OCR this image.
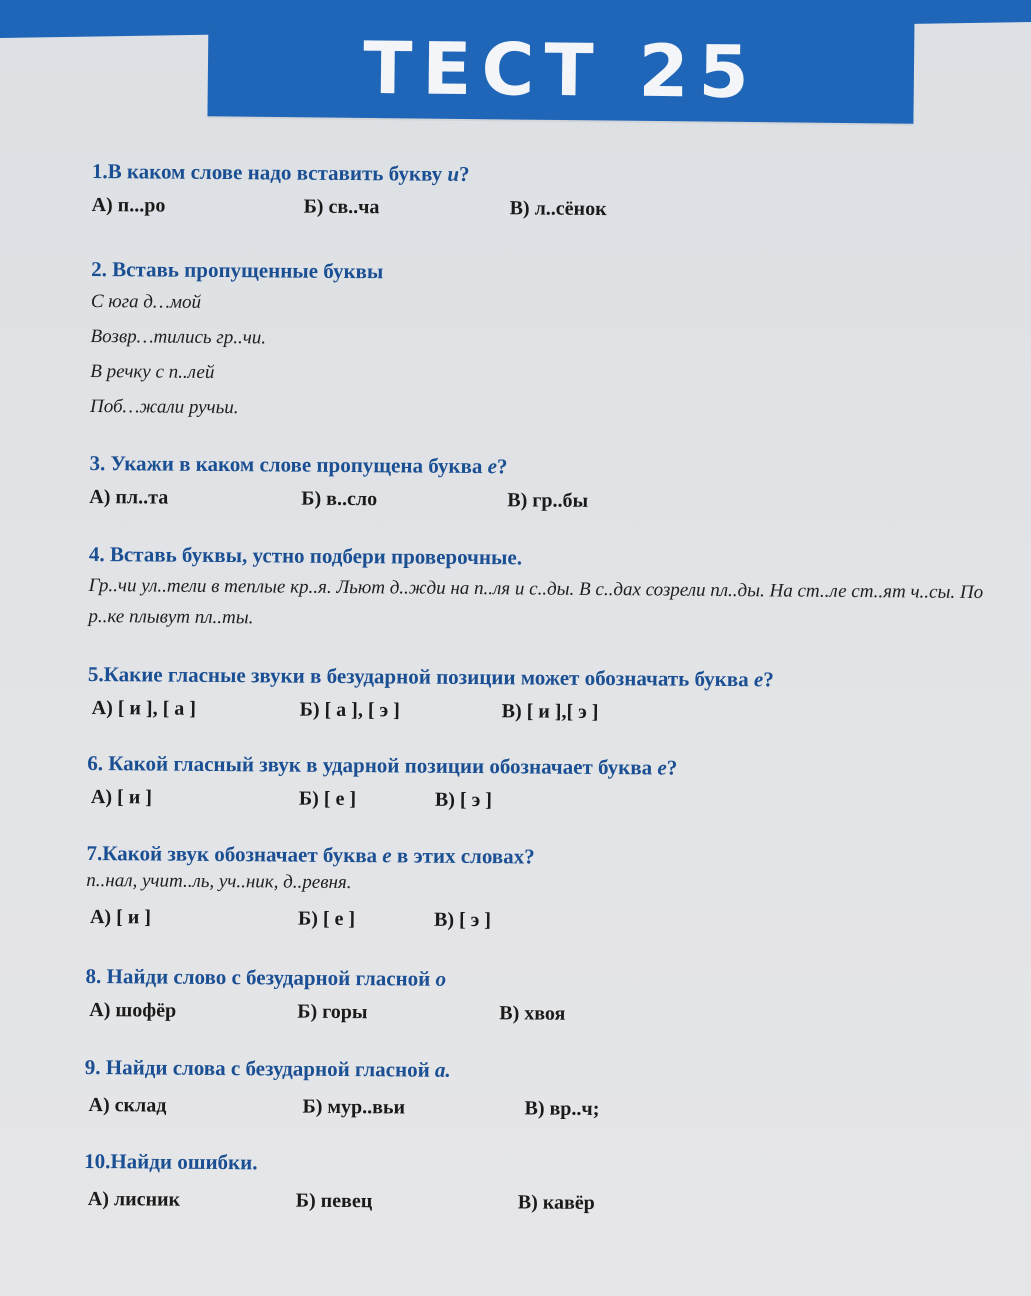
ТЕСТ 25
1.В каком слове надо вставить букву и?
А) п...ро	Б) св..ча	В) л..сёнок
2. Вставь пропущенные буквы
С юга д…мой
Возвр…тились гр..чи.
В речку с п..лей
Поб…жали ручьи.
3. Укажи в каком слове пропущена буква е?
А) пл..та	Б) в..сло	В) гр..бы
4. Вставь буквы, устно подбери проверочные.
Гр..чи ул..тели в теплые кр..я. Льют д..жди на п..ля и с..ды. В с..дах созрели пл..ды. На ст..ле ст..ят ч..сы. По р..ке плывут пл..ты.
5.Какие гласные звуки в безударной позиции может обозначать буква е?
А) [ и ], [ а ]	Б) [ а ], [ э ]	В) [ и ],[ э ]
6. Какой гласный звук в ударной позиции обозначает буква е?
А) [ и ]	Б) [ е ]	В) [ э ]
7.Какой звук обозначает буква е в этих словах?
п..нал, учит..ль, уч..ник, д..ревня.
А) [ и ]	Б) [ е ]	В) [ э ]
8. Найди слово с безударной гласной о
А) шофёр	Б) горы	В) хвоя
9. Найди слова с безударной гласной а.
А) склад	Б) мур..вьи	В) вр..ч;
10.Найди ошибки.
А) лисник	Б) певец	В) кавёр
